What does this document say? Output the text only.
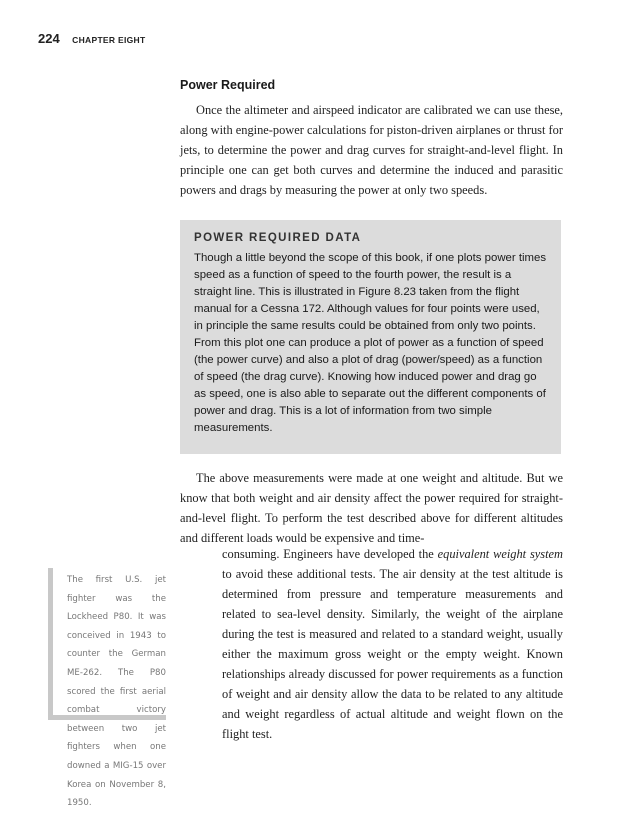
224 CHAPTER EIGHT
Power Required

Once the altimeter and airspeed indicator are calibrated we can use these, along with engine-power calculations for piston-driven airplanes or thrust for jets, to determine the power and drag curves for straight-and-level flight. In principle one can get both curves and determine the induced and parasitic powers and drags by measuring the power at only two speeds.

POWER REQUIRED DATA

Though a little beyond the scope of this book, if one plots power times speed as a function of speed to the fourth power, the result is a straight line. This is illustrated in Figure 8.23 taken from the flight manual for a Cessna 172. Although values for four points were used, in principle the same results could be obtained from only two points. From this plot one can produce a plot of power as a function of speed (the power curve) and also a plot of drag (power/speed) as a function of speed (the drag curve). Knowing how induced power and drag go as speed, one is also able to separate out the different components of power and drag. This is a lot of information from two simple measurements.

The above measurements were made at one weight and altitude. But we know that both weight and air density affect the power required for straight-and-level flight. To perform the test described above for different altitudes and different loads would be expensive and time-

consuming. Engineers have developed the equivalent weight system to avoid these additional tests. The air density at the test altitude is determined from pressure and temperature measurements and related to sea-level density. Similarly, the weight of the airplane during the test is measured and related to a standard weight, usually either the maximum gross weight or the empty weight. Known relationships already discussed for power requirements as a function of weight and air density allow the data to be related to any altitude and weight regardless of actual altitude and weight flown on the flight test.

The first U.S. jet fighter was the Lockheed P80. It was conceived in 1943 to counter the German ME-262. The P80 scored the first aerial combat victory between two jet fighters when one downed a MIG-15 over Korea on November 8, 1950.
